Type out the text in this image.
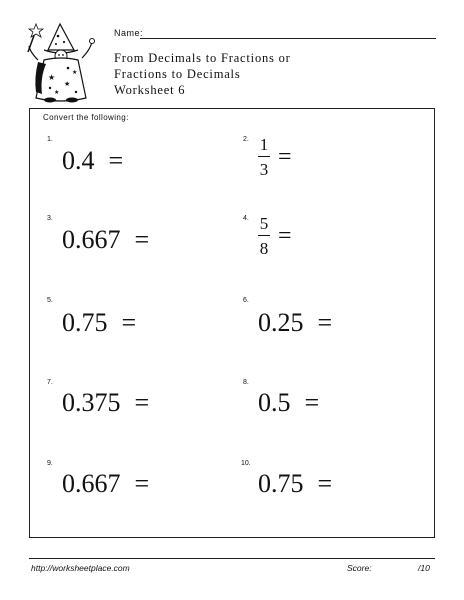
★
★
★
★
Name:
From Decimals to Fractions or
Fractions to Decimals
Worksheet 6
Convert the following:
1.
0.4 =
2. $\frac{1}{3}$ =
3.
0.667 =
4. $\frac{5}{8}$ =
5.
0.75 =
6.
0.25 =
7.
0.375 =
8.
0.5 =
9.
0.667 =
10.
0.75 =
http://worksheetplace.com	Score:	/10
